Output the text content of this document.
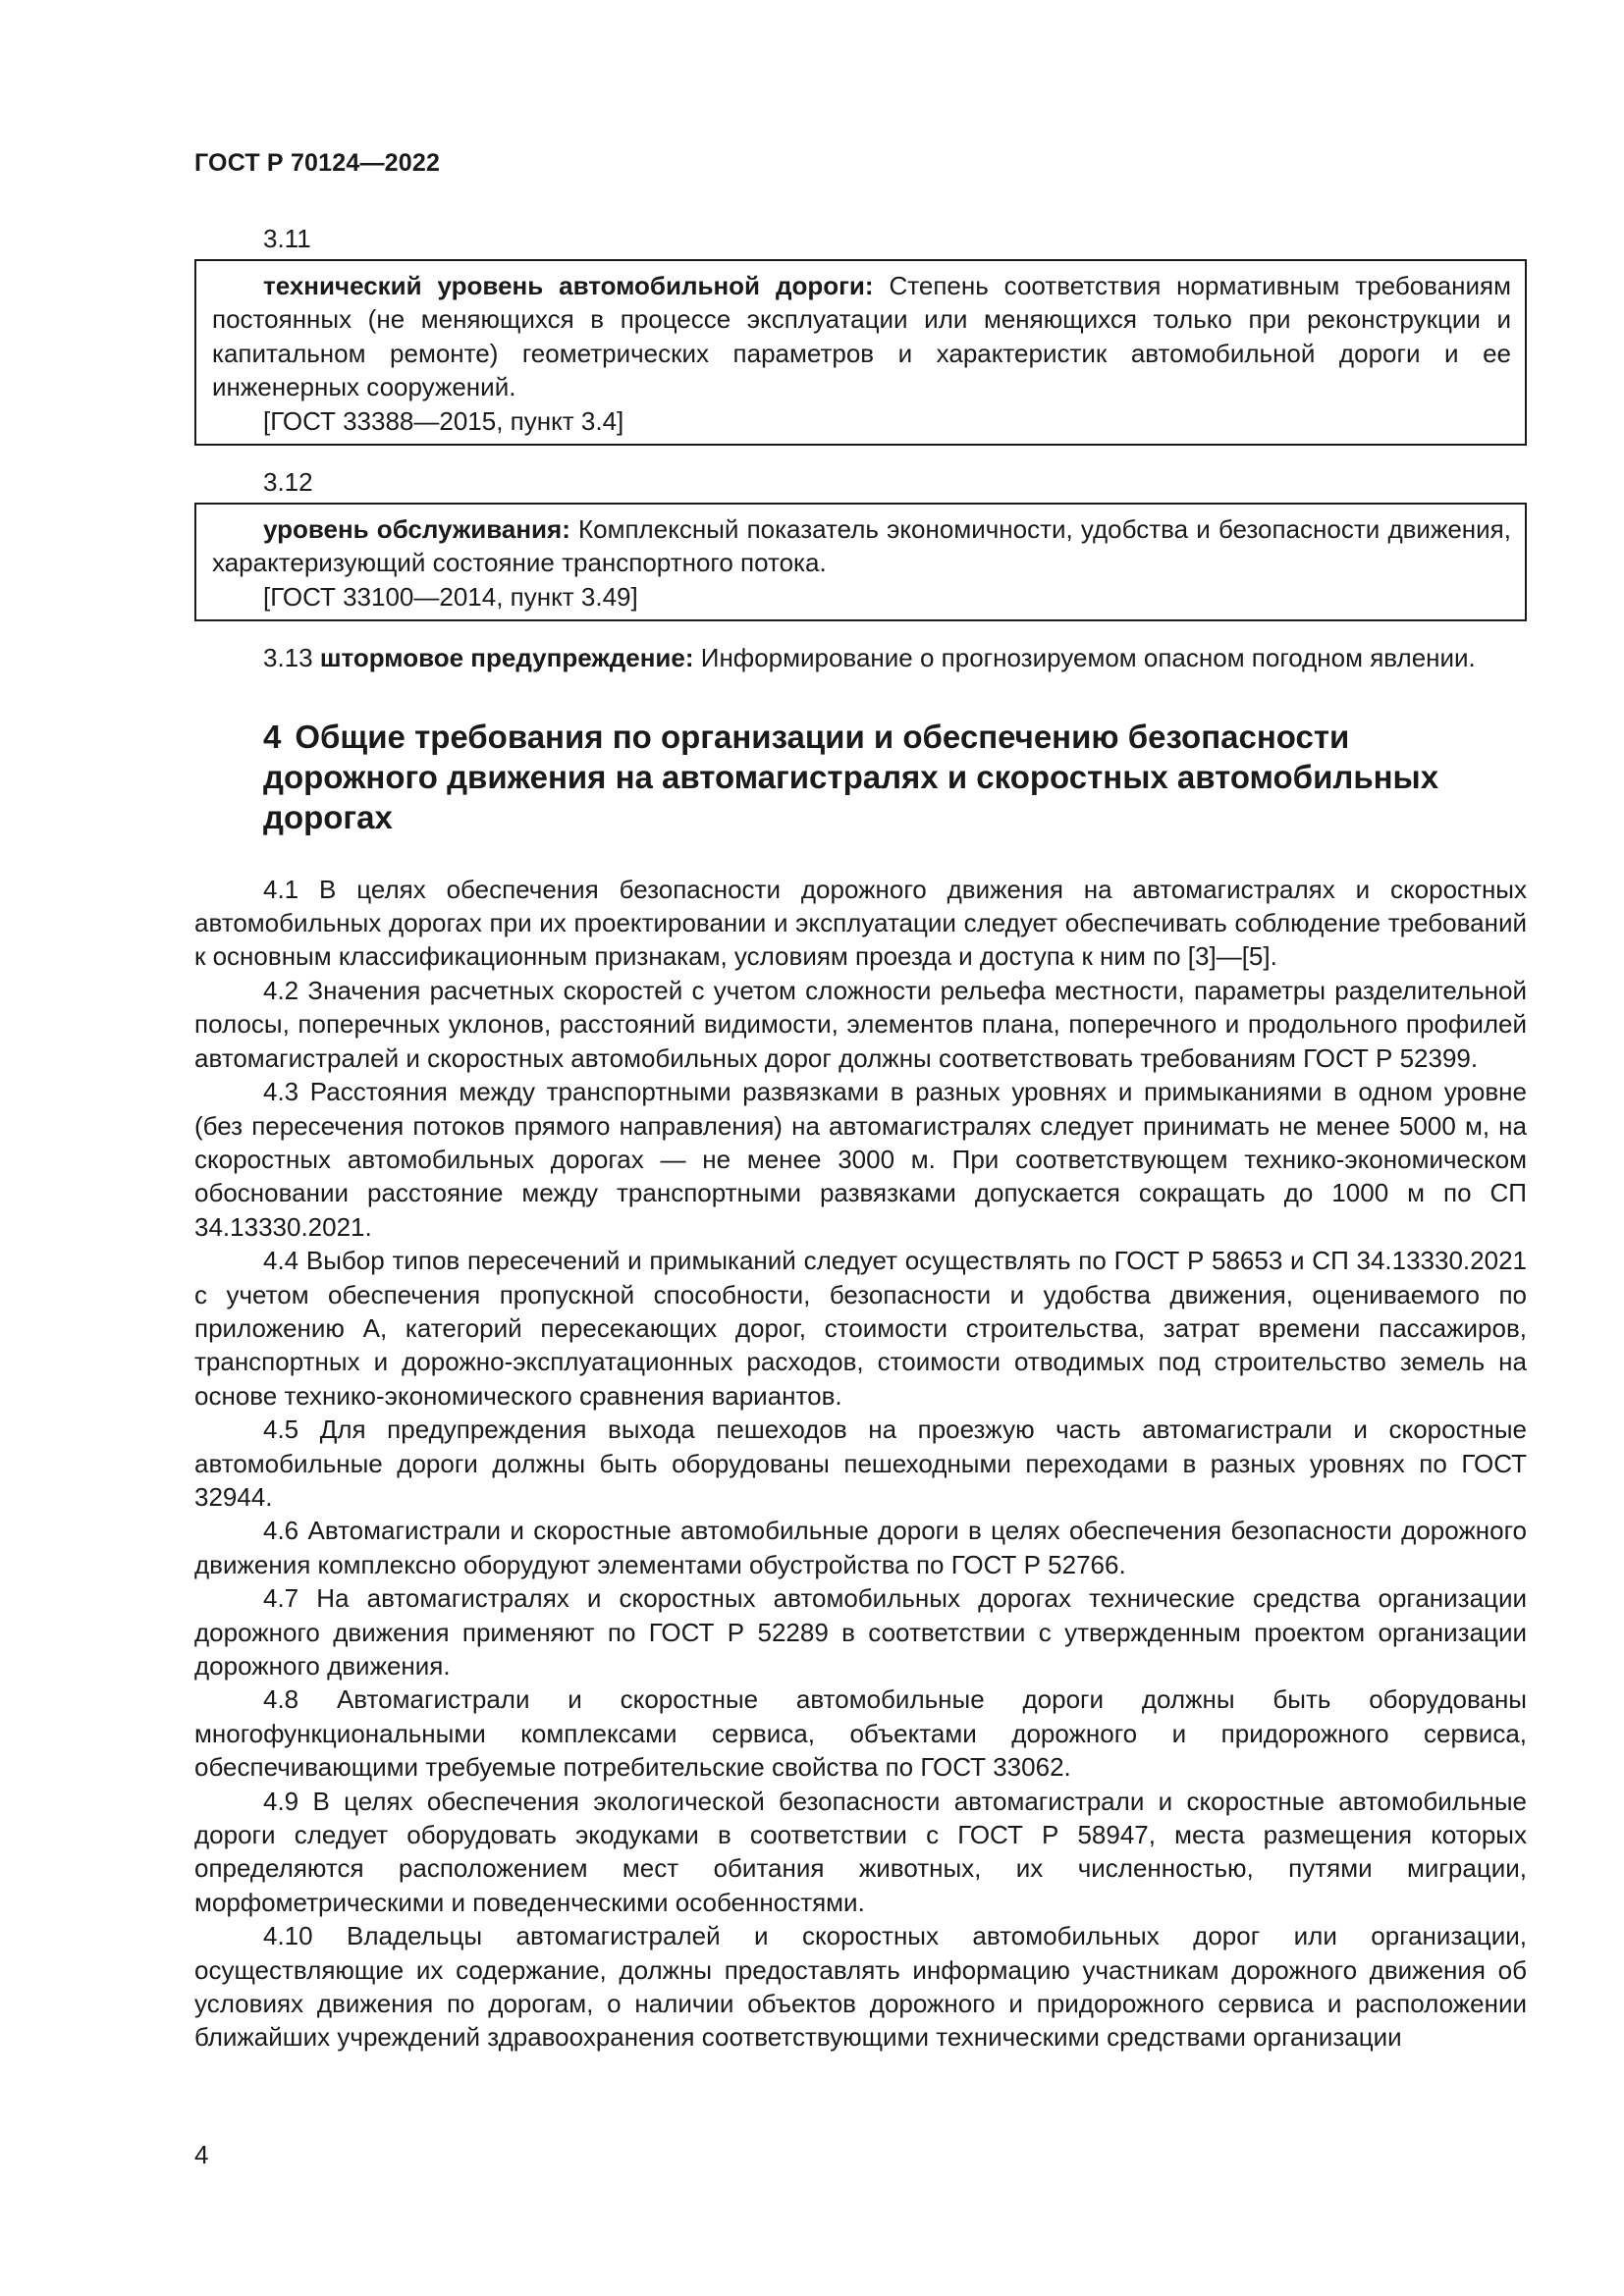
ГОСТ Р 70124—2022
3.11

технический уровень автомобильной дороги: Степень соответствия нормативным требованиям постоянных (не меняющихся в процессе эксплуатации или меняющихся только при реконструкции и капитальном ремонте) геометрических параметров и характеристик автомобильной дороги и ее инженерных сооружений.

[ГОСТ 33388—2015, пункт 3.4]

3.12

уровень обслуживания: Комплексный показатель экономичности, удобства и безопасности движения, характеризующий состояние транспортного потока.

[ГОСТ 33100—2014, пункт 3.49]

3.13 штормовое предупреждение: Информирование о прогнозируемом опасном погодном явлении.

4 Общие требования по организации и обеспечению безопасности дорожного движения на автомагистралях и скоростных автомобильных дорогах

4.1 В целях обеспечения безопасности дорожного движения на автомагистралях и скоростных автомобильных дорогах при их проектировании и эксплуатации следует обеспечивать соблюдение требований к основным классификационным признакам, условиям проезда и доступа к ним по [3]—[5].

4.2 Значения расчетных скоростей с учетом сложности рельефа местности, параметры разделительной полосы, поперечных уклонов, расстояний видимости, элементов плана, поперечного и продольного профилей автомагистралей и скоростных автомобильных дорог должны соответствовать требованиям ГОСТ Р 52399.

4.3 Расстояния между транспортными развязками в разных уровнях и примыканиями в одном уровне (без пересечения потоков прямого направления) на автомагистралях следует принимать не менее 5000 м, на скоростных автомобильных дорогах — не менее 3000 м. При соответствующем технико-экономическом обосновании расстояние между транспортными развязками допускается сокращать до 1000 м по СП 34.13330.2021.

4.4 Выбор типов пересечений и примыканий следует осуществлять по ГОСТ Р 58653 и СП 34.13330.2021 с учетом обеспечения пропускной способности, безопасности и удобства движения, оцениваемого по приложению А, категорий пересекающих дорог, стоимости строительства, затрат времени пассажиров, транспортных и дорожно-эксплуатационных расходов, стоимости отводимых под строительство земель на основе технико-экономического сравнения вариантов.

4.5 Для предупреждения выхода пешеходов на проезжую часть автомагистрали и скоростные автомобильные дороги должны быть оборудованы пешеходными переходами в разных уровнях по ГОСТ 32944.

4.6 Автомагистрали и скоростные автомобильные дороги в целях обеспечения безопасности дорожного движения комплексно оборудуют элементами обустройства по ГОСТ Р 52766.

4.7 На автомагистралях и скоростных автомобильных дорогах технические средства организации дорожного движения применяют по ГОСТ Р 52289 в соответствии с утвержденным проектом организации дорожного движения.

4.8 Автомагистрали и скоростные автомобильные дороги должны быть оборудованы многофункциональными комплексами сервиса, объектами дорожного и придорожного сервиса, обеспечивающими требуемые потребительские свойства по ГОСТ 33062.

4.9 В целях обеспечения экологической безопасности автомагистрали и скоростные автомобильные дороги следует оборудовать экодуками в соответствии с ГОСТ Р 58947, места размещения которых определяются расположением мест обитания животных, их численностью, путями миграции, морфометрическими и поведенческими особенностями.

4.10 Владельцы автомагистралей и скоростных автомобильных дорог или организации, осуществляющие их содержание, должны предоставлять информацию участникам дорожного движения об условиях движения по дорогам, о наличии объектов дорожного и придорожного сервиса и расположении ближайших учреждений здравоохранения соответствующими техническими средствами организации

4
